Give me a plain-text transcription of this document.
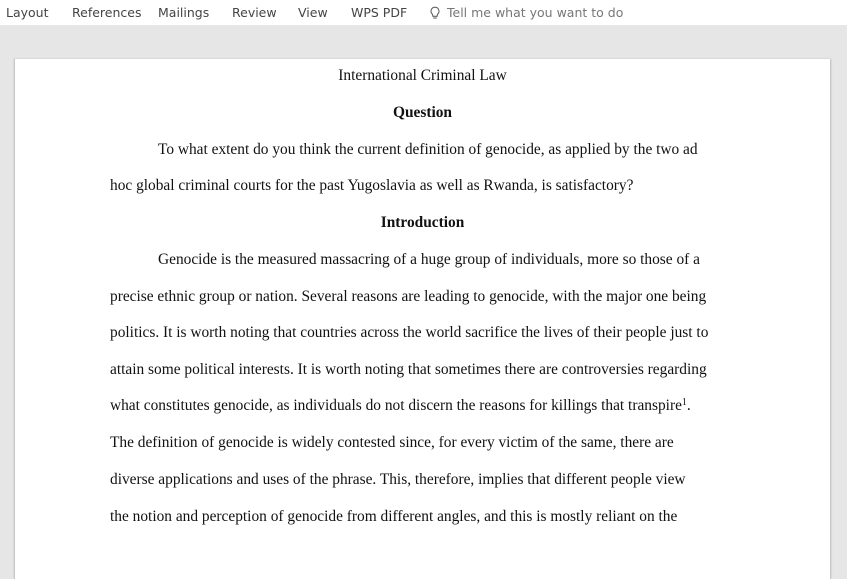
Layout References Mailings Review View WPS PDF	Tell me what you want to do
International Criminal Law
Question
To what extent do you think the current definition of genocide, as applied by the two ad
hoc global criminal courts for the past Yugoslavia as well as Rwanda, is satisfactory?
Introduction
Genocide is the measured massacring of a huge group of individuals, more so those of a
precise ethnic group or nation. Several reasons are leading to genocide, with the major one being
politics. It is worth noting that countries across the world sacrifice the lives of their people just to
attain some political interests. It is worth noting that sometimes there are controversies regarding
what constitutes genocide, as individuals do not discern the reasons for killings that transpire$^1$.
The definition of genocide is widely contested since, for every victim of the same, there are
diverse applications and uses of the phrase. This, therefore, implies that different people view
the notion and perception of genocide from different angles, and this is mostly reliant on the
